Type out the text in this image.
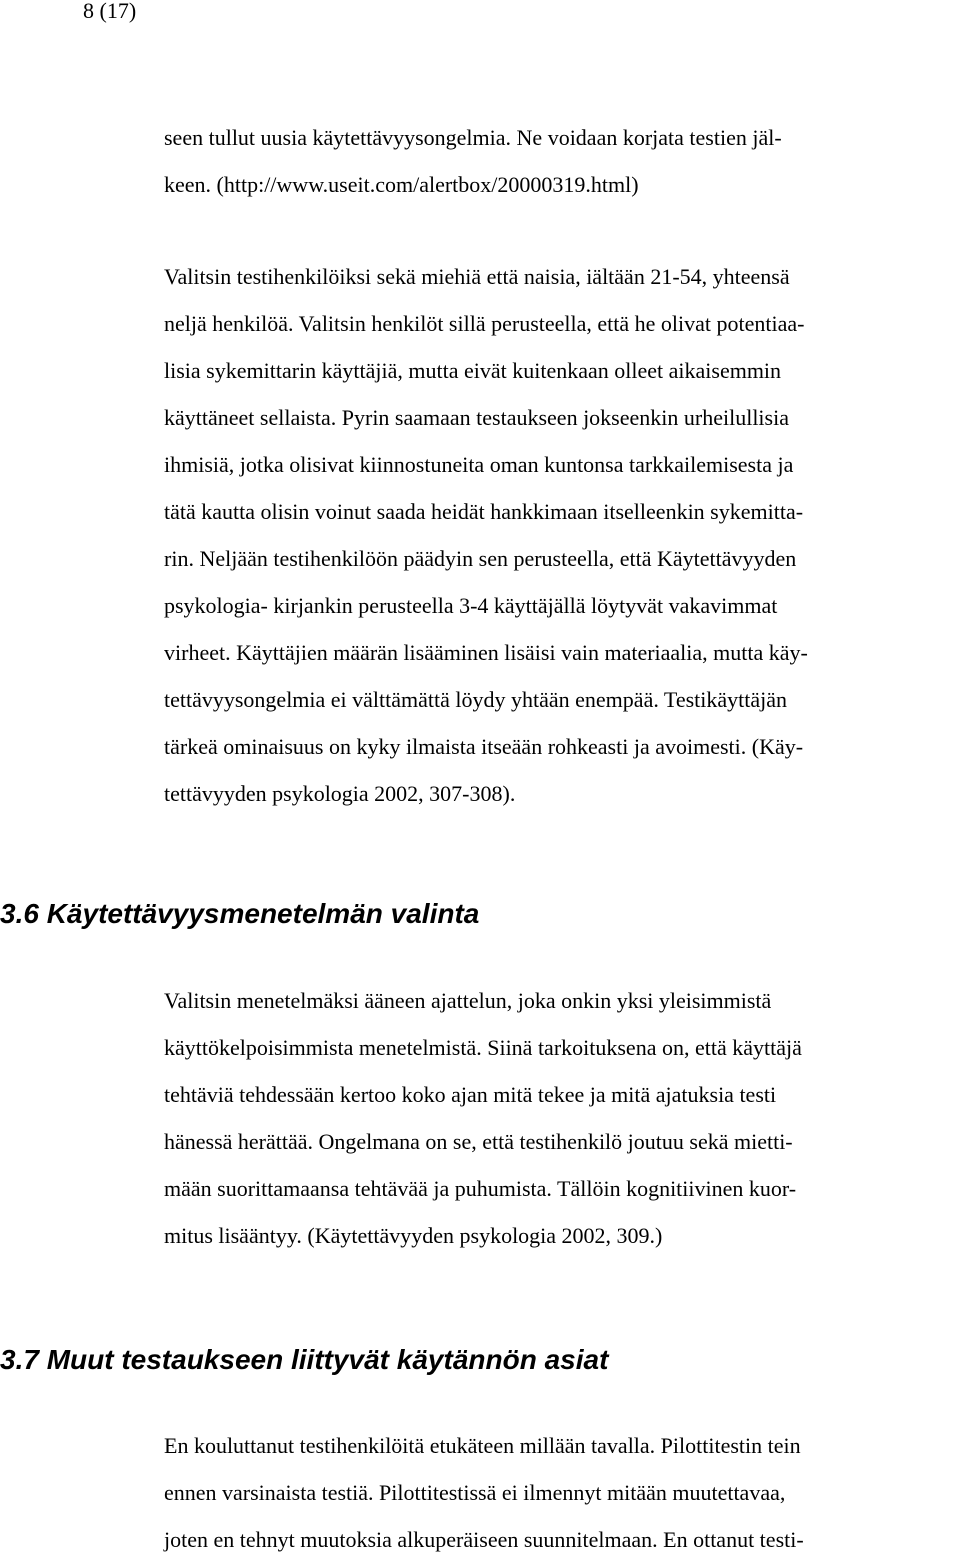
8 (17)
seen tullut uusia käytettävyysongelmia. Ne voidaan korjata testien jäl-
keen. (http://www.useit.com/alertbox/20000319.html)
Valitsin testihenkilöiksi sekä miehiä että naisia, iältään 21-54, yhteensä
neljä henkilöä. Valitsin henkilöt sillä perusteella, että he olivat potentiaa-
lisia sykemittarin käyttäjiä, mutta eivät kuitenkaan olleet aikaisemmin
käyttäneet sellaista. Pyrin saamaan testaukseen jokseenkin urheilullisia
ihmisiä, jotka olisivat kiinnostuneita oman kuntonsa tarkkailemisesta ja
tätä kautta olisin voinut saada heidät hankkimaan itselleenkin sykemitta-
rin. Neljään testihenkilöön päädyin sen perusteella, että Käytettävyyden
psykologia- kirjankin perusteella 3-4 käyttäjällä löytyvät vakavimmat
virheet. Käyttäjien määrän lisääminen lisäisi vain materiaalia, mutta käy-
tettävyysongelmia ei välttämättä löydy yhtään enempää. Testikäyttäjän
tärkeä ominaisuus on kyky ilmaista itseään rohkeasti ja avoimesti. (Käy-
tettävyyden psykologia 2002, 307-308).
3.6 Käytettävyysmenetelmän valinta
Valitsin menetelmäksi ääneen ajattelun, joka onkin yksi yleisimmistä
käyttökelpoisimmista menetelmistä. Siinä tarkoituksena on, että käyttäjä
tehtäviä tehdessään kertoo koko ajan mitä tekee ja mitä ajatuksia testi
hänessä herättää. Ongelmana on se, että testihenkilö joutuu sekä mietti-
mään suorittamaansa tehtävää ja puhumista. Tällöin kognitiivinen kuor-
mitus lisääntyy. (Käytettävyyden psykologia 2002, 309.)
3.7 Muut testaukseen liittyvät käytännön asiat
En kouluttanut testihenkilöitä etukäteen millään tavalla. Pilottitestin tein
ennen varsinaista testiä. Pilottitestissä ei ilmennyt mitään muutettavaa,
joten en tehnyt muutoksia alkuperäiseen suunnitelmaan. En ottanut testi-
